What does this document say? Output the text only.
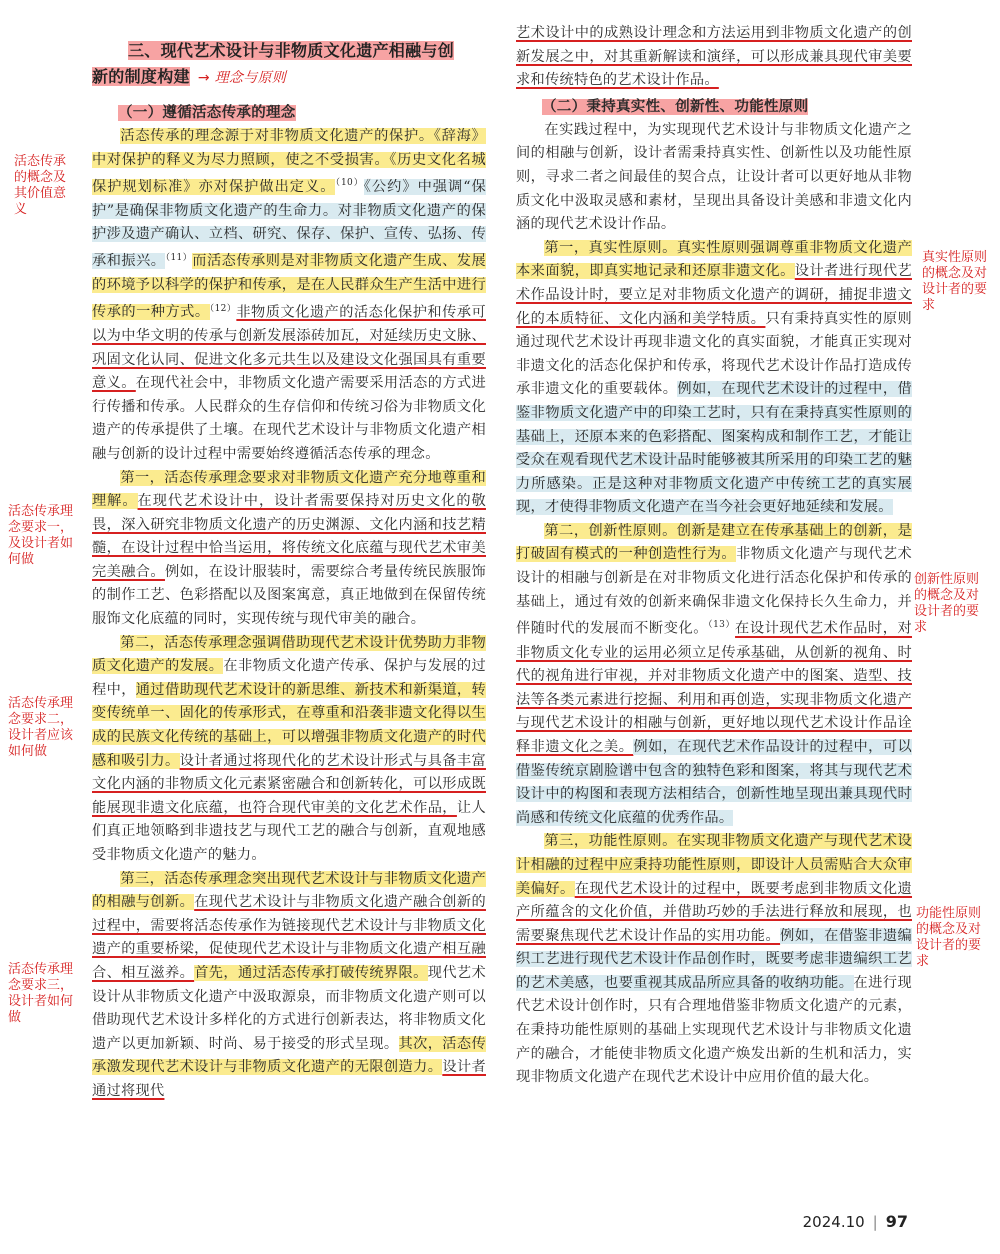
活态传承的概念及其价值意义
活态传承理念要求一，及设计者如何做
活态传承理念要求二，设计者应该如何做
活态传承理念要求三，设计者如何做
真实性原则的概念及对设计者的要求
创新性原则的概念及对设计者的要求
功能性原则的概念及对设计者的要求
三、现代艺术设计与非物质文化遗产相融与创
新的制度构建 → 理念与原则
（一）遵循活态传承的理念

活态传承的理念源于对非物质文化遗产的保护。《辞海》中对保护的释义为尽力照顾，使之不受损害。《历史文化名城保护规划标准》亦对保护做出定义。$^{(10)}$《公约》中强调“保护”是确保非物质文化遗产的生命力。对非物质文化遗产的保护涉及遗产确认、立档、研究、保存、保护、宣传、弘扬、传承和振兴。$^{(11)}$而活态传承则是对非物质文化遗产生成、发展的环境予以科学的保护和传承，是在人民群众生产生活中进行传承的一种方式。$^{(12)}$非物质文化遗产的活态化保护和传承可以为中华文明的传承与创新发展添砖加瓦，对延续历史文脉、巩固文化认同、促进文化多元共生以及建设文化强国具有重要意义。在现代社会中，非物质文化遗产需要采用活态的方式进行传播和传承。人民群众的生存信仰和传统习俗为非物质文化遗产的传承提供了土壤。在现代艺术设计与非物质文化遗产相融与创新的设计过程中需要始终遵循活态传承的理念。

第一，活态传承理念要求对非物质文化遗产充分地尊重和理解。在现代艺术设计中，设计者需要保持对历史文化的敬畏，深入研究非物质文化遗产的历史渊源、文化内涵和技艺精髓，在设计过程中恰当运用，将传统文化底蕴与现代艺术审美完美融合。例如，在设计服装时，需要综合考量传统民族服饰的制作工艺、色彩搭配以及图案寓意，真正地做到在保留传统服饰文化底蕴的同时，实现传统与现代审美的融合。

第二，活态传承理念强调借助现代艺术设计优势助力非物质文化遗产的发展。在非物质文化遗产传承、保护与发展的过程中，通过借助现代艺术设计的新思维、新技术和新渠道，转变传统单一、固化的传承形式，在尊重和沿袭非遗文化得以生成的民族文化传统的基础上，可以增强非物质文化遗产的时代感和吸引力。设计者通过将现代化的艺术设计形式与具备丰富文化内涵的非物质文化元素紧密融合和创新转化，可以形成既能展现非遗文化底蕴，也符合现代审美的文化艺术作品，让人们真正地领略到非遗技艺与现代工艺的融合与创新，直观地感受非物质文化遗产的魅力。

第三，活态传承理念突出现代艺术设计与非物质文化遗产的相融与创新。在现代艺术设计与非物质文化遗产融合创新的过程中，需要将活态传承作为链接现代艺术设计与非物质文化遗产的重要桥梁，促使现代艺术设计与非物质文化遗产相互融合、相互滋养。首先，通过活态传承打破传统界限。现代艺术设计从非物质文化遗产中汲取源泉，而非物质文化遗产则可以借助现代艺术设计多样化的方式进行创新表达，将非物质文化遗产以更加新颖、时尚、易于接受的形式呈现。其次，活态传承激发现代艺术设计与非物质文化遗产的无限创造力。设计者通过将现代

艺术设计中的成熟设计理念和方法运用到非物质文化遗产的创新发展之中，对其重新解读和演绎，可以形成兼具现代审美要求和传统特色的艺术设计作品。
（二）秉持真实性、创新性、功能性原则

在实践过程中，为实现现代艺术设计与非物质文化遗产之间的相融与创新，设计者需秉持真实性、创新性以及功能性原则，寻求二者之间最佳的契合点，让设计者可以更好地从非物质文化中汲取灵感和素材，呈现出具备设计美感和非遗文化内涵的现代艺术设计作品。

第一，真实性原则。真实性原则强调尊重非物质文化遗产本来面貌，即真实地记录和还原非遗文化。设计者进行现代艺术作品设计时，要立足对非物质文化遗产的调研，捕捉非遗文化的本质特征、文化内涵和美学特质。只有秉持真实性的原则通过现代艺术设计再现非遗文化的真实面貌，才能真正实现对非遗文化的活态化保护和传承，将现代艺术设计作品打造成传承非遗文化的重要载体。例如，在现代艺术设计的过程中，借鉴非物质文化遗产中的印染工艺时，只有在秉持真实性原则的基础上，还原本来的色彩搭配、图案构成和制作工艺，才能让受众在观看现代艺术设计品时能够被其所采用的印染工艺的魅力所感染。正是这种对非物质文化遗产中传统工艺的真实展现，才使得非物质文化遗产在当今社会更好地延续和发展。

第二，创新性原则。创新是建立在传承基础上的创新，是打破固有模式的一种创造性行为。非物质文化遗产与现代艺术设计的相融与创新是在对非物质文化进行活态化保护和传承的基础上，通过有效的创新来确保非遗文化保持长久生命力，并伴随时代的发展而不断变化。$^{(13)}$在设计现代艺术作品时，对非物质文化专业的运用必须立足传承基础，从创新的视角、时代的视角进行审视，并对非物质文化遗产中的图案、造型、技法等各类元素进行挖掘、利用和再创造，实现非物质文化遗产与现代艺术设计的相融与创新，更好地以现代艺术设计作品诠释非遗文化之美。例如，在现代艺术作品设计的过程中，可以借鉴传统京剧脸谱中包含的独特色彩和图案，将其与现代艺术设计中的构图和表现方法相结合，创新性地呈现出兼具现代时尚感和传统文化底蕴的优秀作品。

第三，功能性原则。在实现非物质文化遗产与现代艺术设计相融的过程中应秉持功能性原则，即设计人员需贴合大众审美偏好。在现代艺术设计的过程中，既要考虑到非物质文化遗产所蕴含的文化价值，并借助巧妙的手法进行释放和展现，也需要聚焦现代艺术设计作品的实用功能。例如，在借鉴非遗编织工艺进行现代艺术设计作品创作时，既要考虑非遗编织工艺的艺术美感，也要重视其成品所应具备的收纳功能。在进行现代艺术设计创作时，只有合理地借鉴非物质文化遗产的元素，在秉持功能性原则的基础上实现现代艺术设计与非物质文化遗产的融合，才能使非物质文化遗产焕发出新的生机和活力，实现非物质文化遗产在现代艺术设计中应用价值的最大化。

2024.10 | 97
